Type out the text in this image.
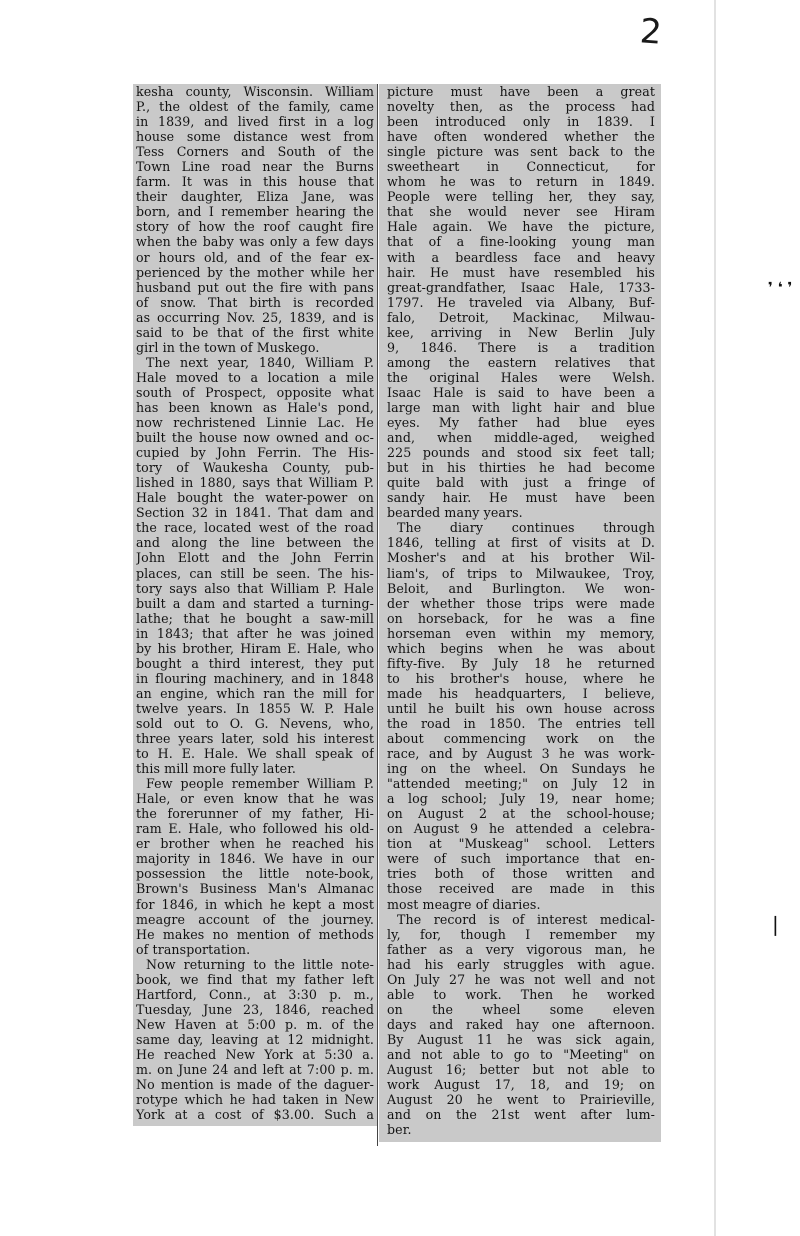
2
❜ ❛ ❜
❘
kesha county, Wisconsin. William
P., the oldest of the family, came
in 1839, and lived first in a log
house some distance west from
Tess Corners and South of the
Town Line road near the Burns
farm. It was in this house that
their daughter, Eliza Jane, was
born, and I remember hearing the
story of how the roof caught fire
when the baby was only a few days
or hours old, and of the fear ex-
perienced by the mother while her
husband put out the fire with pans
of snow. That birth is recorded
as occurring Nov. 25, 1839, and is
said to be that of the first white
girl in the town of Muskego.
The next year, 1840, William P.
Hale moved to a location a mile
south of Prospect, opposite what
has been known as Hale's pond,
now rechristened Linnie Lac. He
built the house now owned and oc-
cupied by John Ferrin. The His-
tory of Waukesha County, pub-
lished in 1880, says that William P.
Hale bought the water-power on
Section 32 in 1841. That dam and
the race, located west of the road
and along the line between the
John Elott and the John Ferrin
places, can still be seen. The his-
tory says also that William P. Hale
built a dam and started a turning-
lathe; that he bought a saw-mill
in 1843; that after he was joined
by his brother, Hiram E. Hale, who
bought a third interest, they put
in flouring machinery, and in 1848
an engine, which ran the mill for
twelve years. In 1855 W. P. Hale
sold out to O. G. Nevens, who,
three years later, sold his interest
to H. E. Hale. We shall speak of
this mill more fully later.
Few people remember William P.
Hale, or even know that he was
the forerunner of my father, Hi-
ram E. Hale, who followed his old-
er brother when he reached his
majority in 1846. We have in our
possession the little note-book,
Brown's Business Man's Almanac
for 1846, in which he kept a most
meagre account of the journey.
He makes no mention of methods
of transportation.
Now returning to the little note-
book, we find that my father left
Hartford, Conn., at 3:30 p. m.,
Tuesday, June 23, 1846, reached
New Haven at 5:00 p. m. of the
same day, leaving at 12 midnight.
He reached New York at 5:30 a.
m. on June 24 and left at 7:00 p. m.
No mention is made of the daguer-
rotype which he had taken in New
York at a cost of $3.00. Such a
picture must have been a great
novelty then, as the process had
been introduced only in 1839. I
have often wondered whether the
single picture was sent back to the
sweetheart in Connecticut, for
whom he was to return in 1849.
People were telling her, they say,
that she would never see Hiram
Hale again. We have the picture,
that of a fine-looking young man
with a beardless face and heavy
hair. He must have resembled his
great-grandfather, Isaac Hale, 1733-
1797. He traveled via Albany, Buf-
falo, Detroit, Mackinac, Milwau-
kee, arriving in New Berlin July
9, 1846. There is a tradition
among the eastern relatives that
the original Hales were Welsh.
Isaac Hale is said to have been a
large man with light hair and blue
eyes. My father had blue eyes
and, when middle-aged, weighed
225 pounds and stood six feet tall;
but in his thirties he had become
quite bald with just a fringe of
sandy hair. He must have been
bearded many years.
The diary continues through
1846, telling at first of visits at D.
Mosher's and at his brother Wil-
liam's, of trips to Milwaukee, Troy,
Beloit, and Burlington. We won-
der whether those trips were made
on horseback, for he was a fine
horseman even within my memory,
which begins when he was about
fifty-five. By July 18 he returned
to his brother's house, where he
made his headquarters, I believe,
until he built his own house across
the road in 1850. The entries tell
about commencing work on the
race, and by August 3 he was work-
ing on the wheel. On Sundays he
"attended meeting;" on July 12 in
a log school; July 19, near home;
on August 2 at the school-house;
on August 9 he attended a celebra-
tion at "Muskeag" school. Letters
were of such importance that en-
tries both of those written and
those received are made in this
most meagre of diaries.
The record is of interest medical-
ly, for, though I remember my
father as a very vigorous man, he
had his early struggles with ague.
On July 27 he was not well and not
able to work. Then he worked
on the wheel some eleven
days and raked hay one afternoon.
By August 11 he was sick again,
and not able to go to "Meeting" on
August 16; better but not able to
work August 17, 18, and 19; on
August 20 he went to Prairieville,
and on the 21st went after lum-
ber.
